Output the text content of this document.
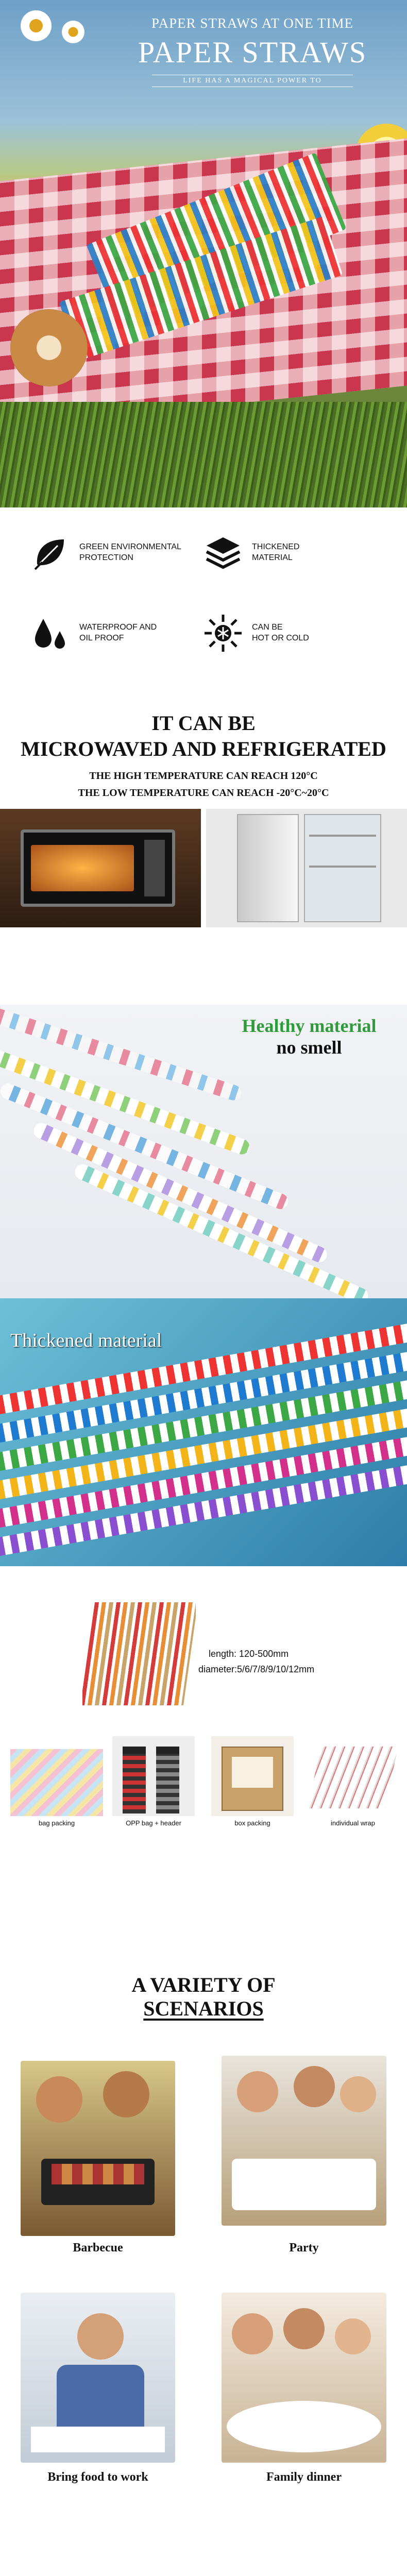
PAPER STRAWS AT ONE TIME
PAPER STRAWS
LIFE HAS A MAGICAL POWER TO
GREEN ENVIRONMENTAL
PROTECTION
THICKENED
MATERIAL
WATERPROOF AND
OIL PROOF
CAN BE
HOT OR COLD
IT CAN BE
MICROWAVED AND REFRIGERATED
THE HIGH TEMPERATURE CAN REACH 120°C
THE LOW TEMPERATURE CAN REACH -20°C~20°C
Healthy material
no smell
Thickened material
length: 120-500mm
diameter:5/6/7/8/9/10/12mm
bag packing	OPP bag + header	box packing	individual wrap
A VARIETY OF
SCENARIOS
Barbecue	Party
Bring food to work	Family dinner
